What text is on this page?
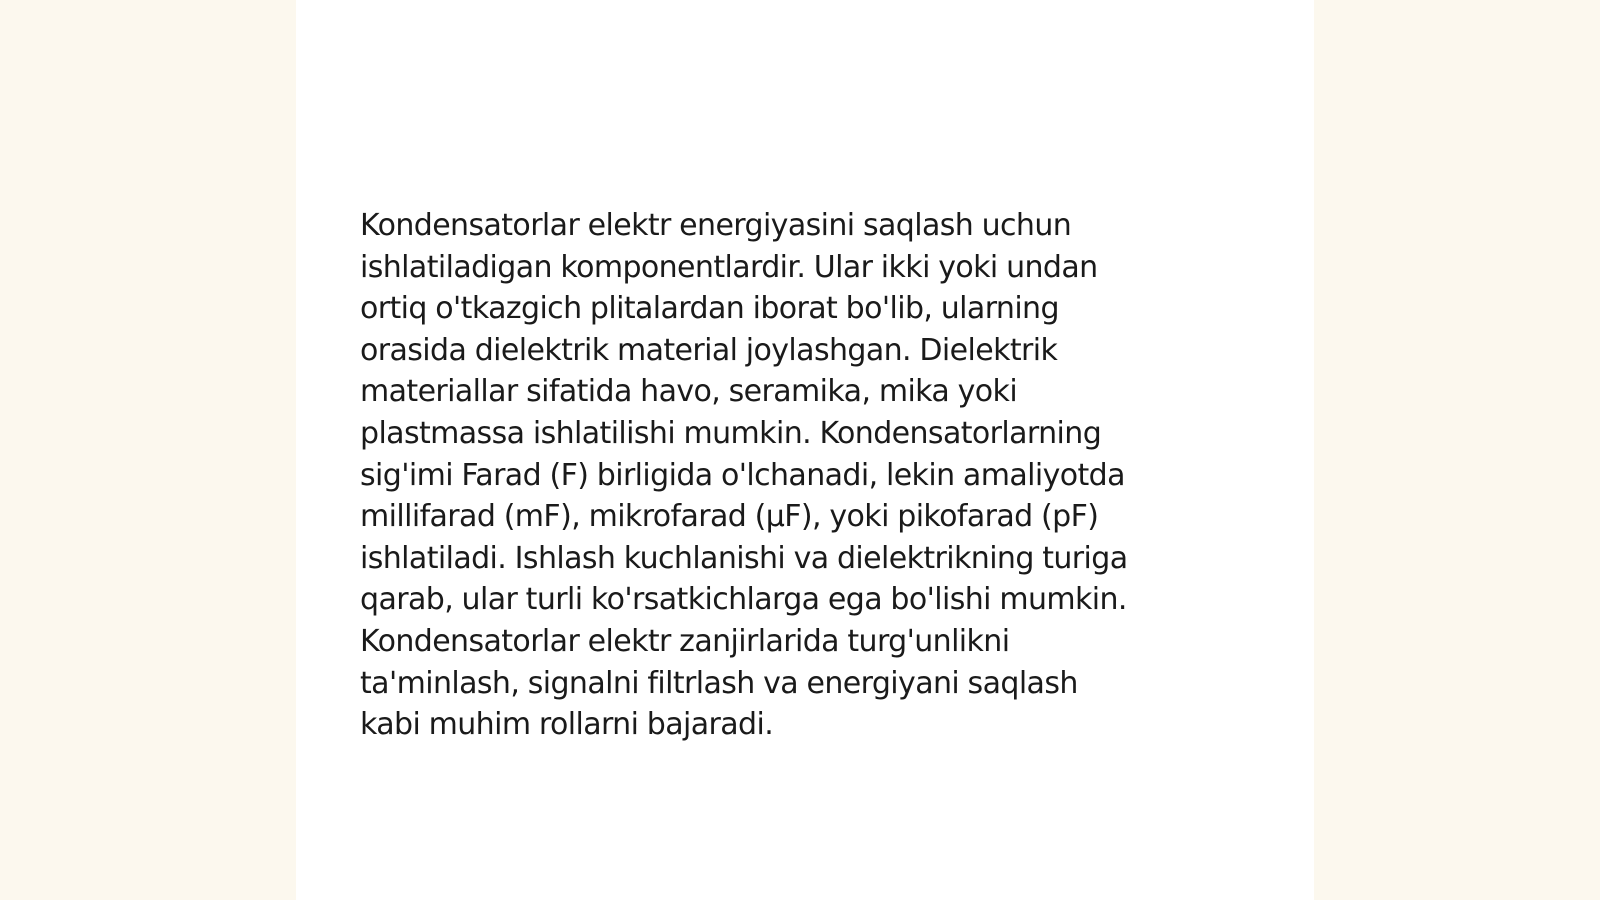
Kondensatorlar elektr energiyasini saqlash uchun
ishlatiladigan komponentlardir. Ular ikki yoki undan
ortiq o'tkazgich plitalardan iborat bo'lib, ularning
orasida dielektrik material joylashgan. Dielektrik
materiallar sifatida havo, seramika, mika yoki
plastmassa ishlatilishi mumkin. Kondensatorlarning
sig'imi Farad (F) birligida o'lchanadi, lekin amaliyotda
millifarad (mF), mikrofarad (μF), yoki pikofarad (pF)
ishlatiladi. Ishlash kuchlanishi va dielektrikning turiga
qarab, ular turli ko'rsatkichlarga ega bo'lishi mumkin.
Kondensatorlar elektr zanjirlarida turg'unlikni
ta'minlash, signalni filtrlash va energiyani saqlash
kabi muhim rollarni bajaradi.
